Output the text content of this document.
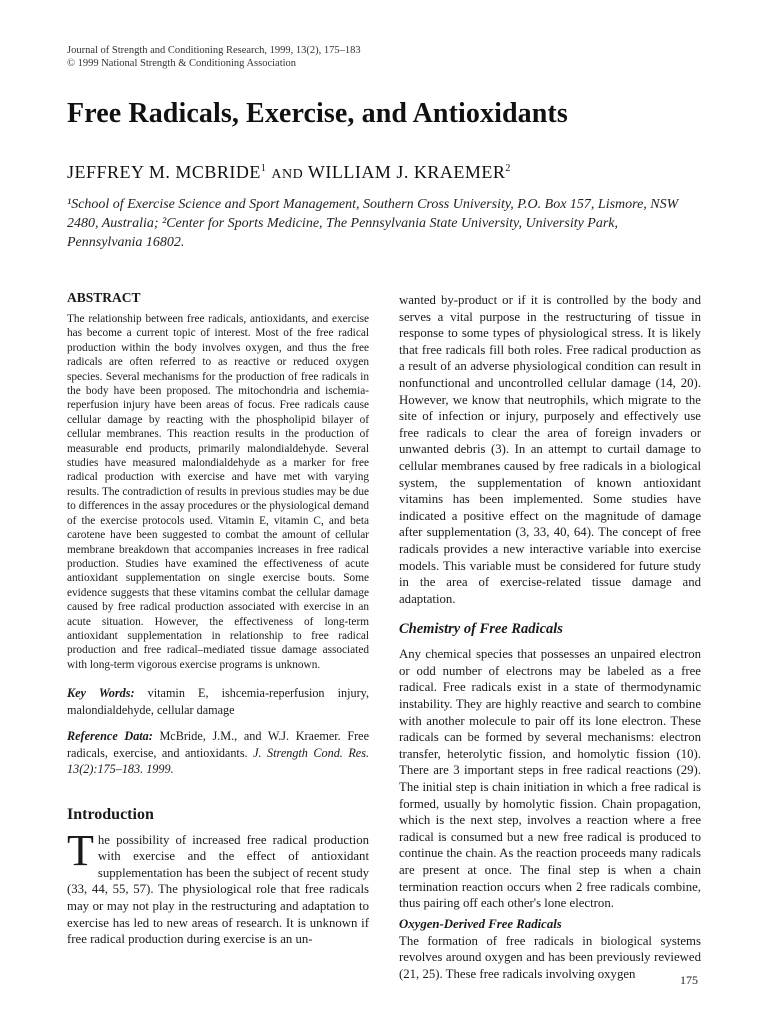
Journal of Strength and Conditioning Research, 1999, 13(2), 175–183
© 1999 National Strength & Conditioning Association
Free Radicals, Exercise, and Antioxidants
JEFFREY M. MCBRIDE$^1$ AND WILLIAM J. KRAEMER$^2$
¹School of Exercise Science and Sport Management, Southern Cross University, P.O. Box 157, Lismore, NSW 2480, Australia; ²Center for Sports Medicine, The Pennsylvania State University, University Park, Pennsylvania 16802.
ABSTRACT

The relationship between free radicals, antioxidants, and exercise has become a current topic of interest. Most of the free radical production within the body involves oxygen, and thus the free radicals are often referred to as reactive or reduced oxygen species. Several mechanisms for the production of free radicals in the body have been proposed. The mitochondria and ischemia-reperfusion injury have been areas of focus. Free radicals cause cellular damage by reacting with the phospholipid bilayer of cellular membranes. This reaction results in the production of measurable end products, primarily malondialdehyde. Several studies have measured malondialdehyde as a marker for free radical production with exercise and have met with varying results. The contradiction of results in previous studies may be due to differences in the assay procedures or the physiological demand of the exercise protocols used. Vitamin E, vitamin C, and beta carotene have been suggested to combat the amount of cellular membrane breakdown that accompanies increases in free radical production. Studies have examined the effectiveness of acute antioxidant supplementation on single exercise bouts. Some evidence suggests that these vitamins combat the cellular damage caused by free radical production associated with exercise in an acute situation. However, the effectiveness of long-term antioxidant supplementation in relationship to free radical production and free radical–mediated tissue damage associated with long-term vigorous exercise programs is unknown.

Key Words: vitamin E, ishcemia-reperfusion injury, malondialdehyde, cellular damage

Reference Data: McBride, J.M., and W.J. Kraemer. Free radicals, exercise, and antioxidants. J. Strength Cond. Res. 13(2):175–183. 1999.

Introduction

The possibility of increased free radical production with exercise and the effect of antioxidant supplementation has been the subject of recent study (33, 44, 55, 57). The physiological role that free radicals may or may not play in the restructuring and adaptation to exercise has led to new areas of research. It is unknown if free radical production during exercise is an un-

wanted by-product or if it is controlled by the body and serves a vital purpose in the restructuring of tissue in response to some types of physiological stress. It is likely that free radicals fill both roles. Free radical production as a result of an adverse physiological condition can result in nonfunctional and uncontrolled cellular damage (14, 20). However, we know that neutrophils, which migrate to the site of infection or injury, purposely and effectively use free radicals to clear the area of foreign invaders or unwanted debris (3). In an attempt to curtail damage to cellular membranes caused by free radicals in a biological system, the supplementation of known antioxidant vitamins has been implemented. Some studies have indicated a positive effect on the magnitude of damage after supplementation (3, 33, 40, 64). The concept of free radicals provides a new interactive variable into exercise models. This variable must be considered for future study in the area of exercise-related tissue damage and adaptation.

Chemistry of Free Radicals

Any chemical species that possesses an unpaired electron or odd number of electrons may be labeled as a free radical. Free radicals exist in a state of thermodynamic instability. They are highly reactive and search to combine with another molecule to pair off its lone electron. These radicals can be formed by several mechanisms: electron transfer, heterolytic fission, and homolytic fission (10). There are 3 important steps in free radical reactions (29). The initial step is chain initiation in which a free radical is formed, usually by homolytic fission. Chain propagation, which is the next step, involves a reaction where a free radical is consumed but a new free radical is produced to continue the chain. As the reaction proceeds many radicals are present at once. The final step is when a chain termination reaction occurs when 2 free radicals combine, thus pairing off each other's lone electron.

Oxygen-Derived Free Radicals

The formation of free radicals in biological systems revolves around oxygen and has been previously reviewed (21, 25). These free radicals involving oxygen	175
